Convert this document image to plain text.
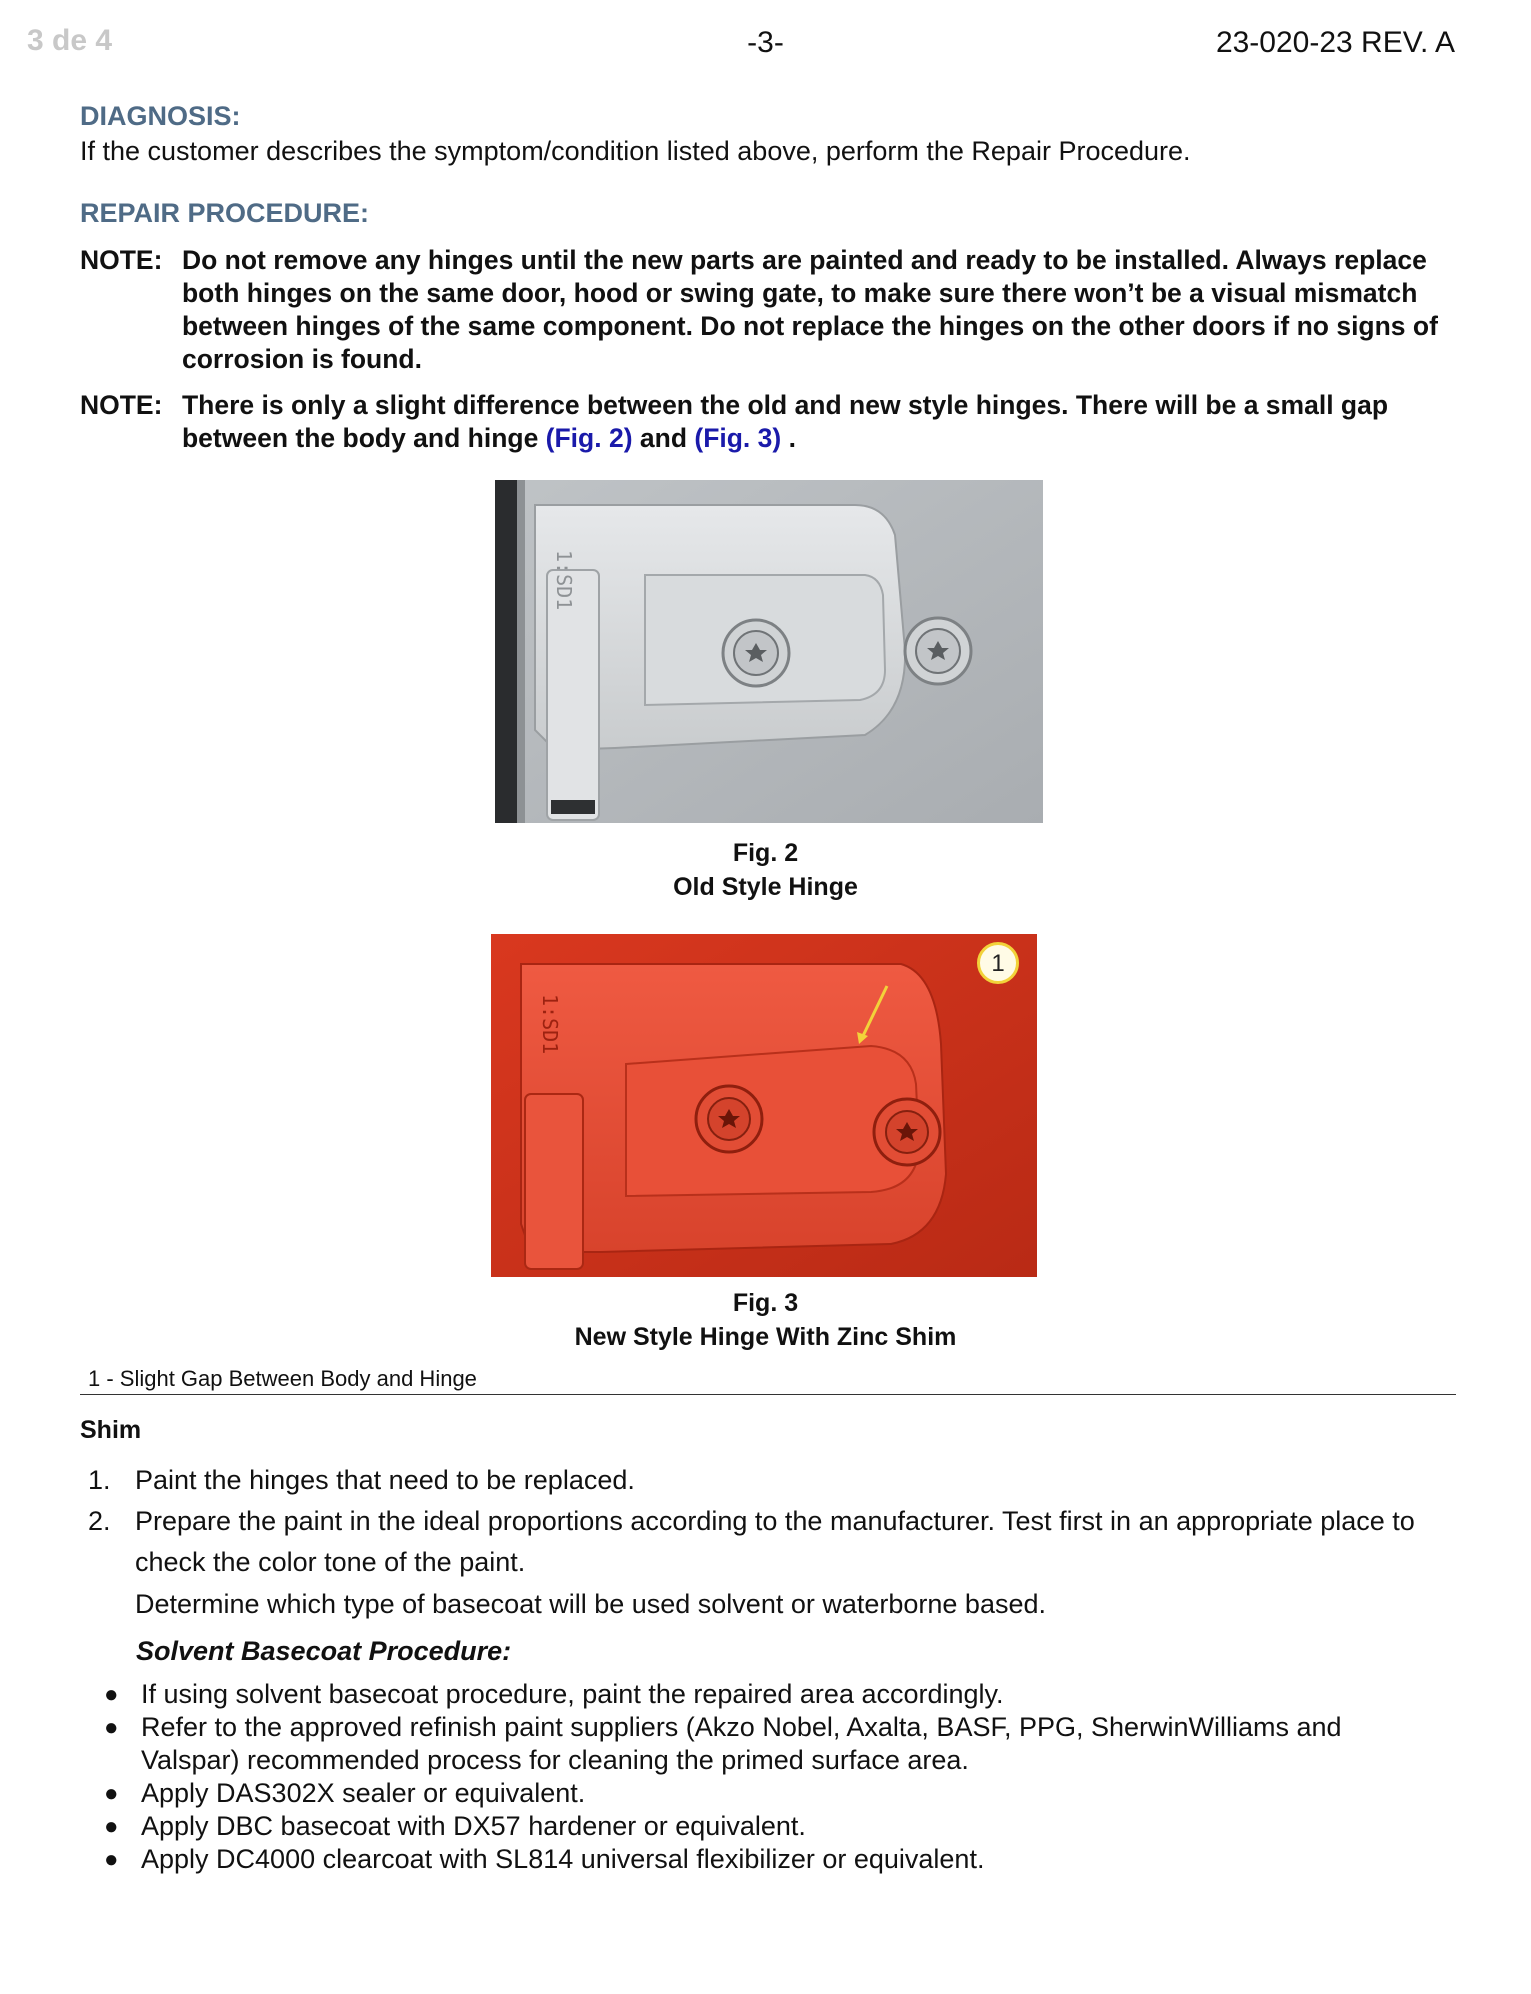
3 de 4	-3-	23-020-23 REV. A
DIAGNOSIS:
If the customer describes the symptom/condition listed above, perform the Repair Procedure.
REPAIR PROCEDURE:
NOTE: Do not remove any hinges until the new parts are painted and ready to be installed. Always replace both hinges on the same door, hood or swing gate, to make sure there won’t be a visual mismatch between hinges of the same component. Do not replace the hinges on the other doors if no signs of corrosion is found.
NOTE: There is only a slight difference between the old and new style hinges. There will be a small gap between the body and hinge (Fig. 2) and (Fig. 3) .
1:SD1
Fig. 2
Old Style Hinge
1:SD1
1
Fig. 3
New Style Hinge With Zinc Shim
1 - Slight Gap Between Body and Hinge
Shim
1. Paint the hinges that need to be replaced.
2. Prepare the paint in the ideal proportions according to the manufacturer. Test first in an appropriate place to check the color tone of the paint.
Determine which type of basecoat will be used solvent or waterborne based.
Solvent Basecoat Procedure:
● If using solvent basecoat procedure, paint the repaired area accordingly.
● Refer to the approved refinish paint suppliers (Akzo Nobel, Axalta, BASF, PPG, SherwinWilliams and Valspar) recommended process for cleaning the primed surface area.
● Apply DAS302X sealer or equivalent.
● Apply DBC basecoat with DX57 hardener or equivalent.
● Apply DC4000 clearcoat with SL814 universal flexibilizer or equivalent.
